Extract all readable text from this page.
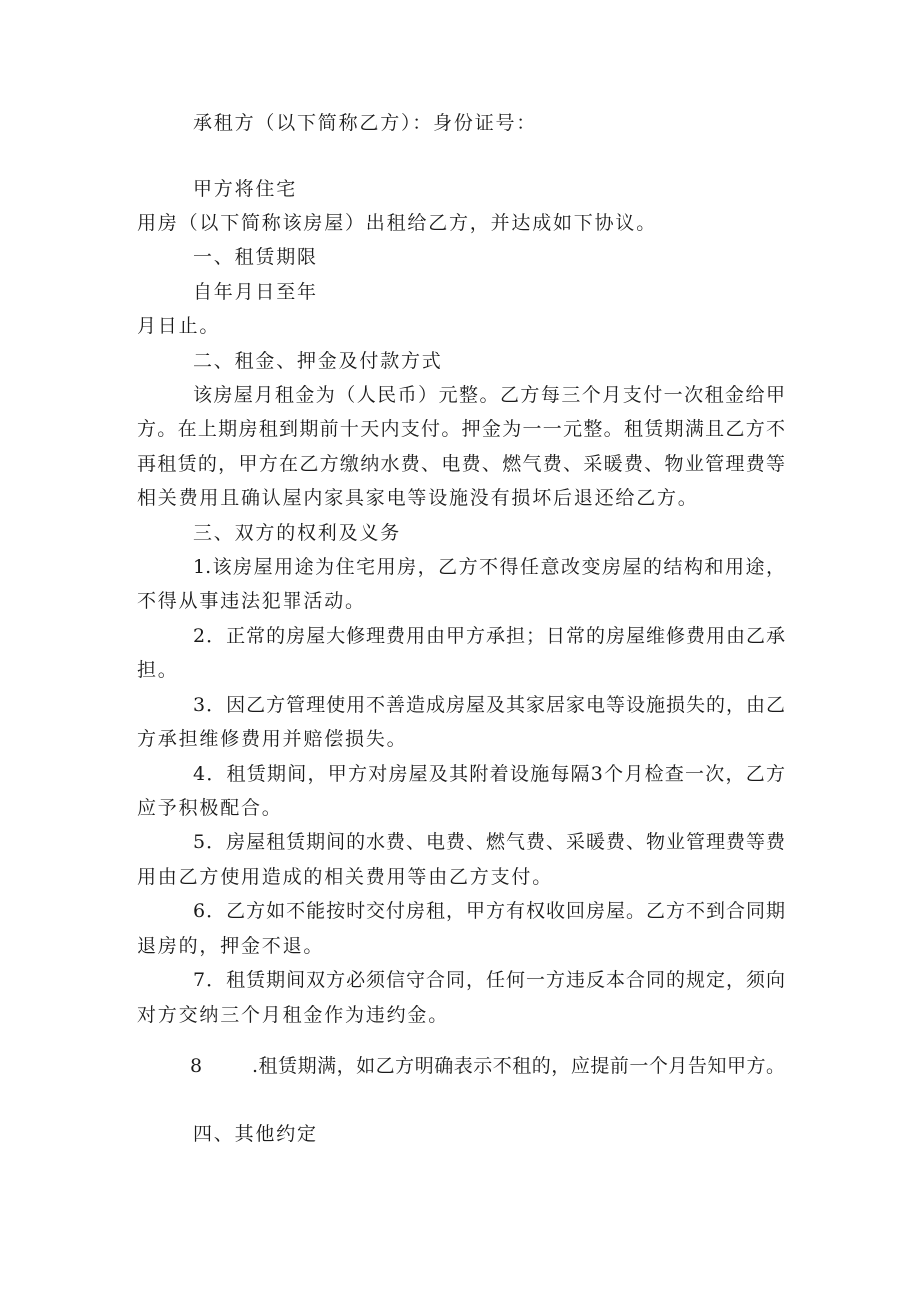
承租方（以下简称乙方）：身份证号：

甲方将住宅

用房（以下简称该房屋）出租给乙方，并达成如下协议。

一、租赁期限

自年月日至年

月日止。

二、租金、押金及付款方式

该房屋月租金为（人民币）元整。乙方每三个月支付一次租金给甲

方。在上期房租到期前十天内支付。押金为一一元整。租赁期满且乙方不

再租赁的，甲方在乙方缴纳水费、电费、燃气费、采暖费、物业管理费等

相关费用且确认屋内家具家电等设施没有损坏后退还给乙方。

三、双方的权利及义务

1.该房屋用途为住宅用房，乙方不得任意改变房屋的结构和用途，

不得从事违法犯罪活动。

2．正常的房屋大修理费用由甲方承担；日常的房屋维修费用由乙承

担。

3．因乙方管理使用不善造成房屋及其家居家电等设施损失的，由乙

方承担维修费用并赔偿损失。

4．租赁期间，甲方对房屋及其附着设施每隔3个月检查一次，乙方

应予积极配合。

5．房屋租赁期间的水费、电费、燃气费、采暖费、物业管理费等费

用由乙方使用造成的相关费用等由乙方支付。

6．乙方如不能按时交付房租，甲方有权收回房屋。乙方不到合同期

退房的，押金不退。

7．租赁期间双方必须信守合同，任何一方违反本合同的规定，须向

对方交纳三个月租金作为违约金。

8	.租赁期满，如乙方明确表示不租的，应提前一个月告知甲方。

四、其他约定
